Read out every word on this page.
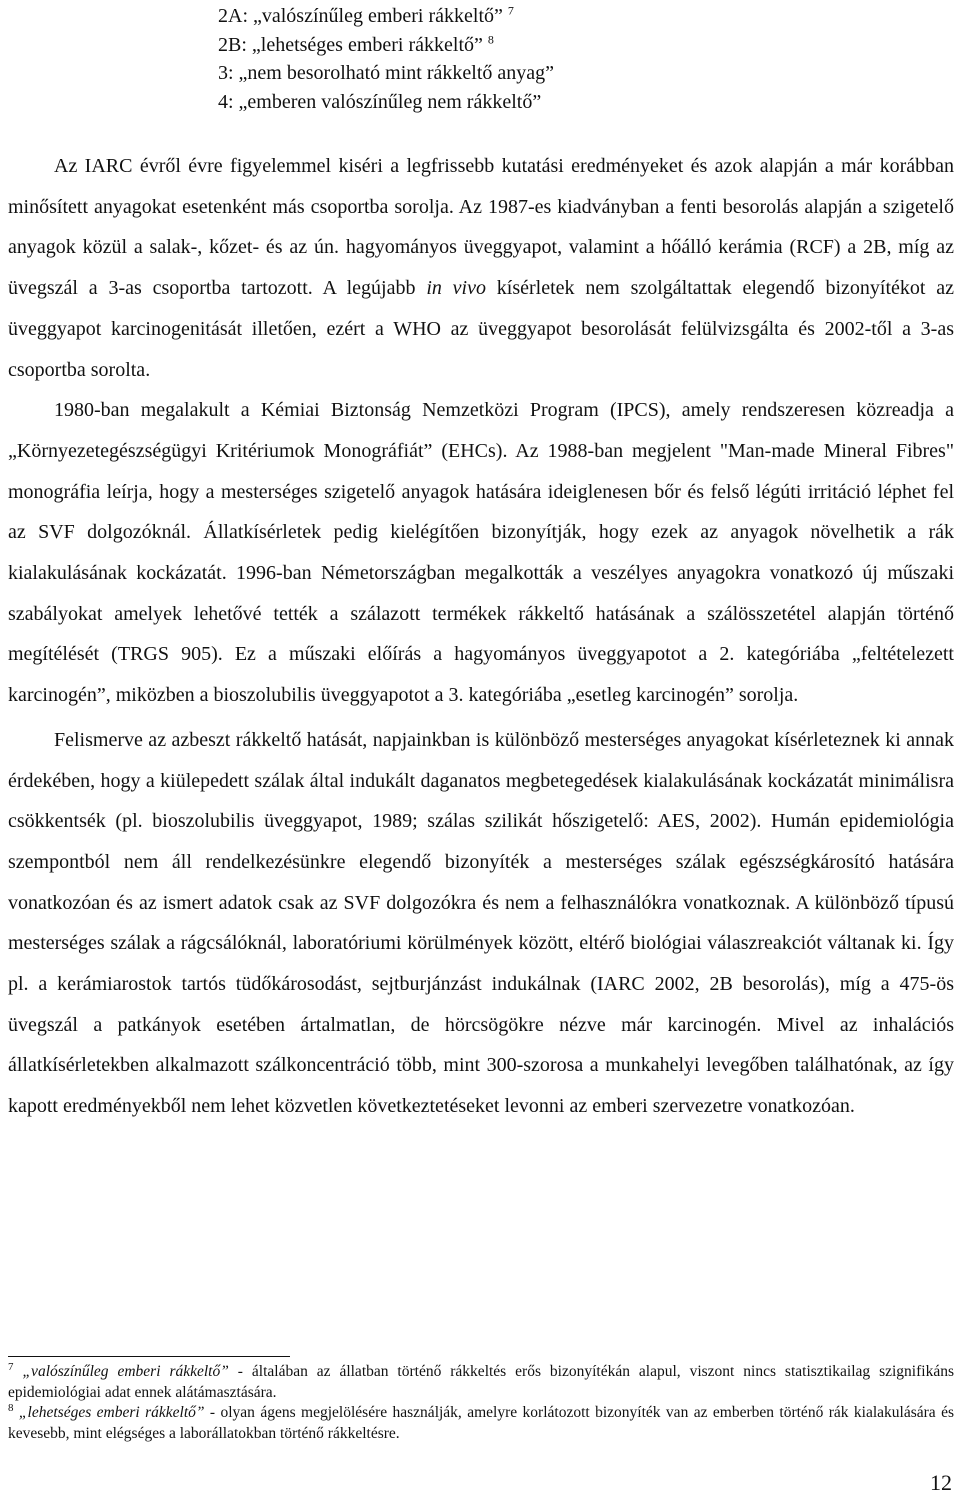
2A: „valószínűleg emberi rákkeltő” $^7$
2B: „lehetséges emberi rákkeltő” $^8$
3: „nem besorolható mint rákkeltő anyag”
4: „emberen valószínűleg nem rákkeltő”

Az IARC évről évre figyelemmel kiséri a legfrissebb kutatási eredményeket és azok alapján a már korábban minősített anyagokat esetenként más csoportba sorolja. Az 1987-es kiadványban a fenti besorolás alapján a szigetelő anyagok közül a salak-, kőzet- és az ún. hagyományos üveggyapot, valamint a hőálló kerámia (RCF) a 2B, míg az üvegszál a 3-as csoportba tartozott. A legújabb in vivo kísérletek nem szolgáltattak elegendő bizonyítékot az üveggyapot karcinogenitását illetően, ezért a WHO az üveggyapot besorolását felülvizsgálta és 2002-től a 3-as csoportba sorolta.

1980-ban megalakult a Kémiai Biztonság Nemzetközi Program (IPCS), amely rendszeresen közreadja a „Környezetegészségügyi Kritériumok Monográfiát” (EHCs). Az 1988-ban megjelent "Man-made Mineral Fibres" monográfia leírja, hogy a mesterséges szigetelő anyagok hatására ideiglenesen bőr és felső légúti irritáció léphet fel az SVF dolgozóknál. Állatkísérletek pedig kielégítően bizonyítják, hogy ezek az anyagok növelhetik a rák kialakulásának kockázatát. 1996-ban Németországban megalkották a veszélyes anyagokra vonatkozó új műszaki szabályokat amelyek lehetővé tették a szálazott termékek rákkeltő hatásának a szálösszetétel alapján történő megítélését (TRGS 905). Ez a műszaki előírás a hagyományos üveggyapotot a 2. kategóriába „feltételezett karcinogén”, miközben a bioszolubilis üveggyapotot a 3. kategóriába „esetleg karcinogén” sorolja.

Felismerve az azbeszt rákkeltő hatását, napjainkban is különböző mesterséges anyagokat kísérleteznek ki annak érdekében, hogy a kiülepedett szálak által indukált daganatos megbetegedések kialakulásának kockázatát minimálisra csökkentsék (pl. bioszolubilis üveggyapot, 1989; szálas szilikát hőszigetelő: AES, 2002). Humán epidemiológia szempontból nem áll rendelkezésünkre elegendő bizonyíték a mesterséges szálak egészségkárosító hatására vonatkozóan és az ismert adatok csak az SVF dolgozókra és nem a felhasználókra vonatkoznak. A különböző típusú mesterséges szálak a rágcsálóknál, laboratóriumi körülmények között, eltérő biológiai válaszreakciót váltanak ki. Így pl. a kerámiarostok tartós tüdőkárosodást, sejtburjánzást indukálnak (IARC 2002, 2B besorolás), míg a 475-ös üvegszál a patkányok esetében ártalmatlan, de hörcsögökre nézve már karcinogén. Mivel az inhalációs állatkísérletekben alkalmazott szálkoncentráció több, mint 300-szorosa a munkahelyi levegőben találhatónak, az így kapott eredményekből nem lehet közvetlen következtetéseket levonni az emberi szervezetre vonatkozóan.

$^7$ „valószínűleg emberi rákkeltő” - általában az állatban történő rákkeltés erős bizonyítékán alapul, viszont nincs statisztikailag szignifikáns epidemiológiai adat ennek alátámasztására.

$^8$ „lehetséges emberi rákkeltő” - olyan ágens megjelölésére használják, amelyre korlátozott bizonyíték van az emberben történő rák kialakulására és kevesebb, mint elégséges a laborállatokban történő rákkeltésre.

12
